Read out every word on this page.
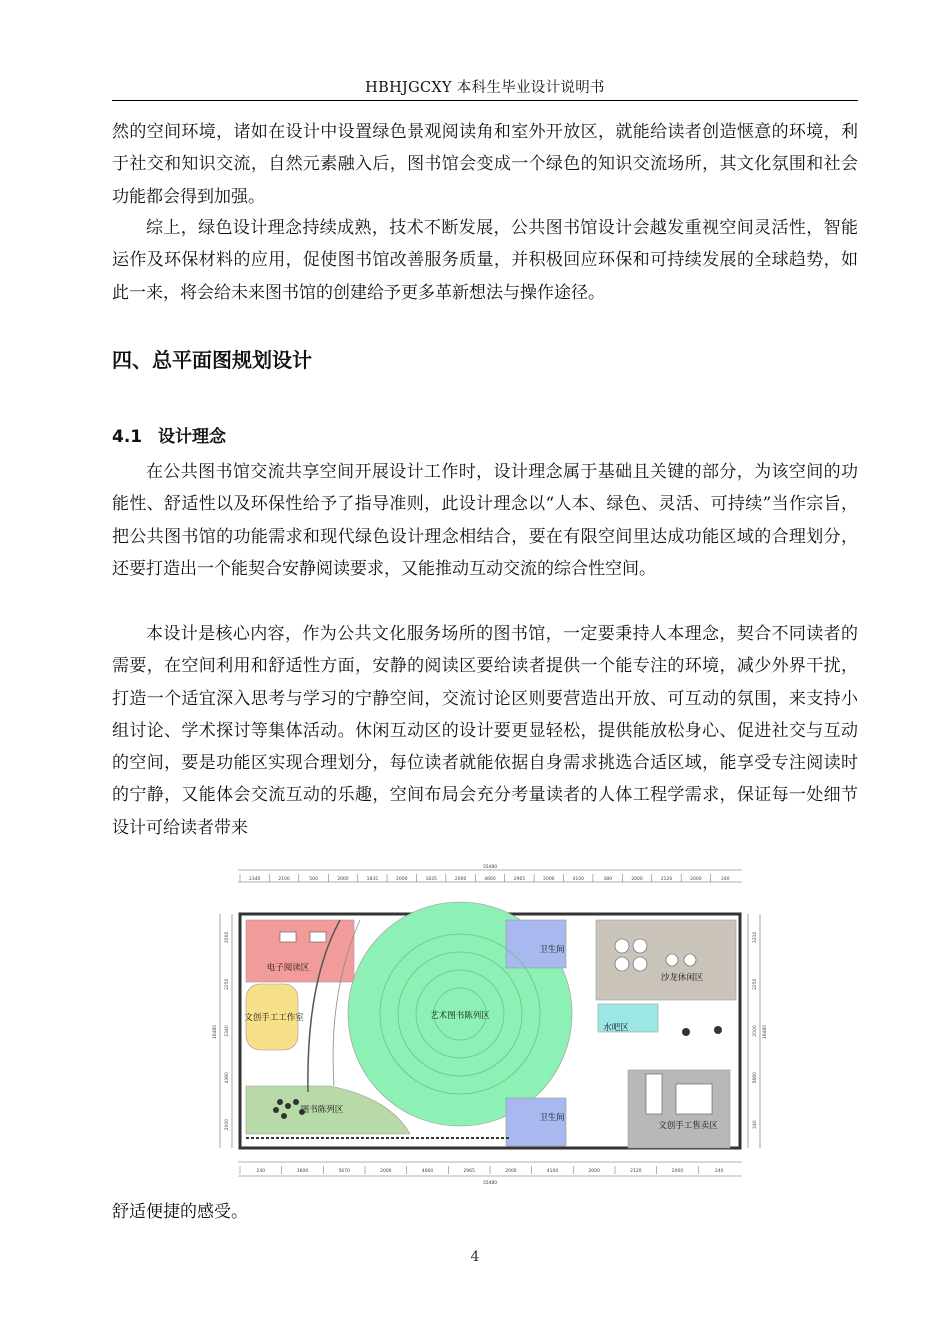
HBHJGCXY 本科生毕业设计说明书

然的空间环境，诸如在设计中设置绿色景观阅读角和室外开放区，就能给读者创造惬意的环境，利于社交和知识交流，自然元素融入后，图书馆会变成一个绿色的知识交流场所，其文化氛围和社会功能都会得到加强。

综上，绿色设计理念持续成熟，技术不断发展，公共图书馆设计会越发重视空间灵活性，智能运作及环保材料的应用，促使图书馆改善服务质量，并积极回应环保和可持续发展的全球趋势，如此一来，将会给未来图书馆的创建给予更多革新想法与操作途径。

四、总平面图规划设计
4.1 设计理念

在公共图书馆交流共享空间开展设计工作时，设计理念属于基础且关键的部分，为该空间的功能性、舒适性以及环保性给予了指导准则，此设计理念以“人本、绿色、灵活、可持续”当作宗旨，把公共图书馆的功能需求和现代绿色设计理念相结合，要在有限空间里达成功能区域的合理划分，还要打造出一个能契合安静阅读要求，又能推动互动交流的综合性空间。

本设计是核心内容，作为公共文化服务场所的图书馆，一定要秉持人本理念，契合不同读者的需要，在空间利用和舒适性方面，安静的阅读区要给读者提供一个能专注的环境，减少外界干扰，打造一个适宜深入思考与学习的宁静空间，交流讨论区则要营造出开放、可互动的氛围，来支持小组讨论、学术探讨等集体活动。休闲互动区的设计要更显轻松，提供能放松身心、促进社交与互动的空间，要是功能区实现合理划分，每位读者就能依据自身需求挑选合适区域，能享受专注阅读时的宁静，又能体会交流互动的乐趣，空间布局会充分考量读者的人体工程学需求，保证每一处细节设计可给读者带来

35480
2340	2100	500	2000	1835	2000	1835	2000	4660	2965	2000	4100	380	2000	2120	2000	240
35480
240	3600	5670	2000	4660	2965	2000	4100	2000	2120	2000	240
16480	16480
2000
2250
2340
4360
2000
3310
2250
2000
5660
240
电子阅读区
文创手工工作室	艺术图书陈列区
卫生间
卫生间
沙龙休闲区
水吧区
图书陈列区
文创手工售卖区

舒适便捷的感受。

4
